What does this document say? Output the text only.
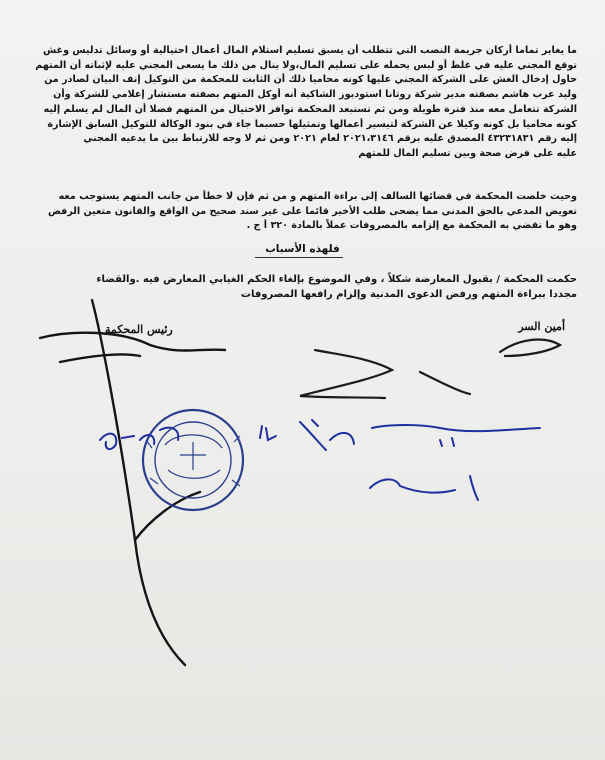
ما يغاير تماما أركان جريمة النصب التي تتطلب أن يسبق تسليم استلام المال أعمال احتيالية أو وسائل تدليس وغش
توقع المجني عليه في غلط أو لبس يحمله على تسليم المال،ولا ينال من ذلك ما يسعى المجني عليه لإثباته أن المتهم
حاول إدخال الغش على الشركة المجني عليها كونه محاميا ذلك أن الثابت للمحكمة من التوكيل إنف البيان لصادر من
وليد عرب هاشم بصفته مدير شركة روتانا استوديوز الشاكية أنه أوكل المتهم بصفته مستشار إعلامي للشركة وأن
الشركة تتعامل معه منذ فترة طويلة ومن ثم تستبعد المحكمة توافر الاحتيال من المتهم فضلا أن المال لم يسلم إليه
كونه محاميا بل كونه وكيلا عن الشركة لتيسير أعمالها وتمثيلها حسبما جاء في بنود الوكالة للتوكيل السابق الإشارة
إليه رقم ٤٣٢٣١٨٣١ المصدق عليه برقم ٢٠٢١،٣١٤٦ لعام ٢٠٢١ ومن ثم لا وجه للارتباط بين ما يدعيه المجني
عليه على فرض صحة وبين تسليم المال للمتهم

وحيث خلصت المحكمة في قضائها السالف إلى براءة المتهم و من ثم فإن لا خطأ من جانب المتهم يستوجب معه
تعويض المدعي بالحق المدني مما يضحى طلب الأخير قائما على غير سند صحيح من الواقع والقانون متعين الرفض
وهو ما تقضي به المحكمة مع إلزامه بالمصروفات عملاً بالمادة ٣٢٠ أ ج .

فلهذه الأسباب

حكمت المحكمة / بقبول المعارضة شكلاً ، وفي الموضوع بإلغاء الحكم الغيابي المعارض فيه .والقضاء
مجددا ببراءة المتهم ورفض الدعوى المدنية وإلزام رافعها المصروفات

أمين السر
رئيس المحكمة
١٦٨٧٤
٩
